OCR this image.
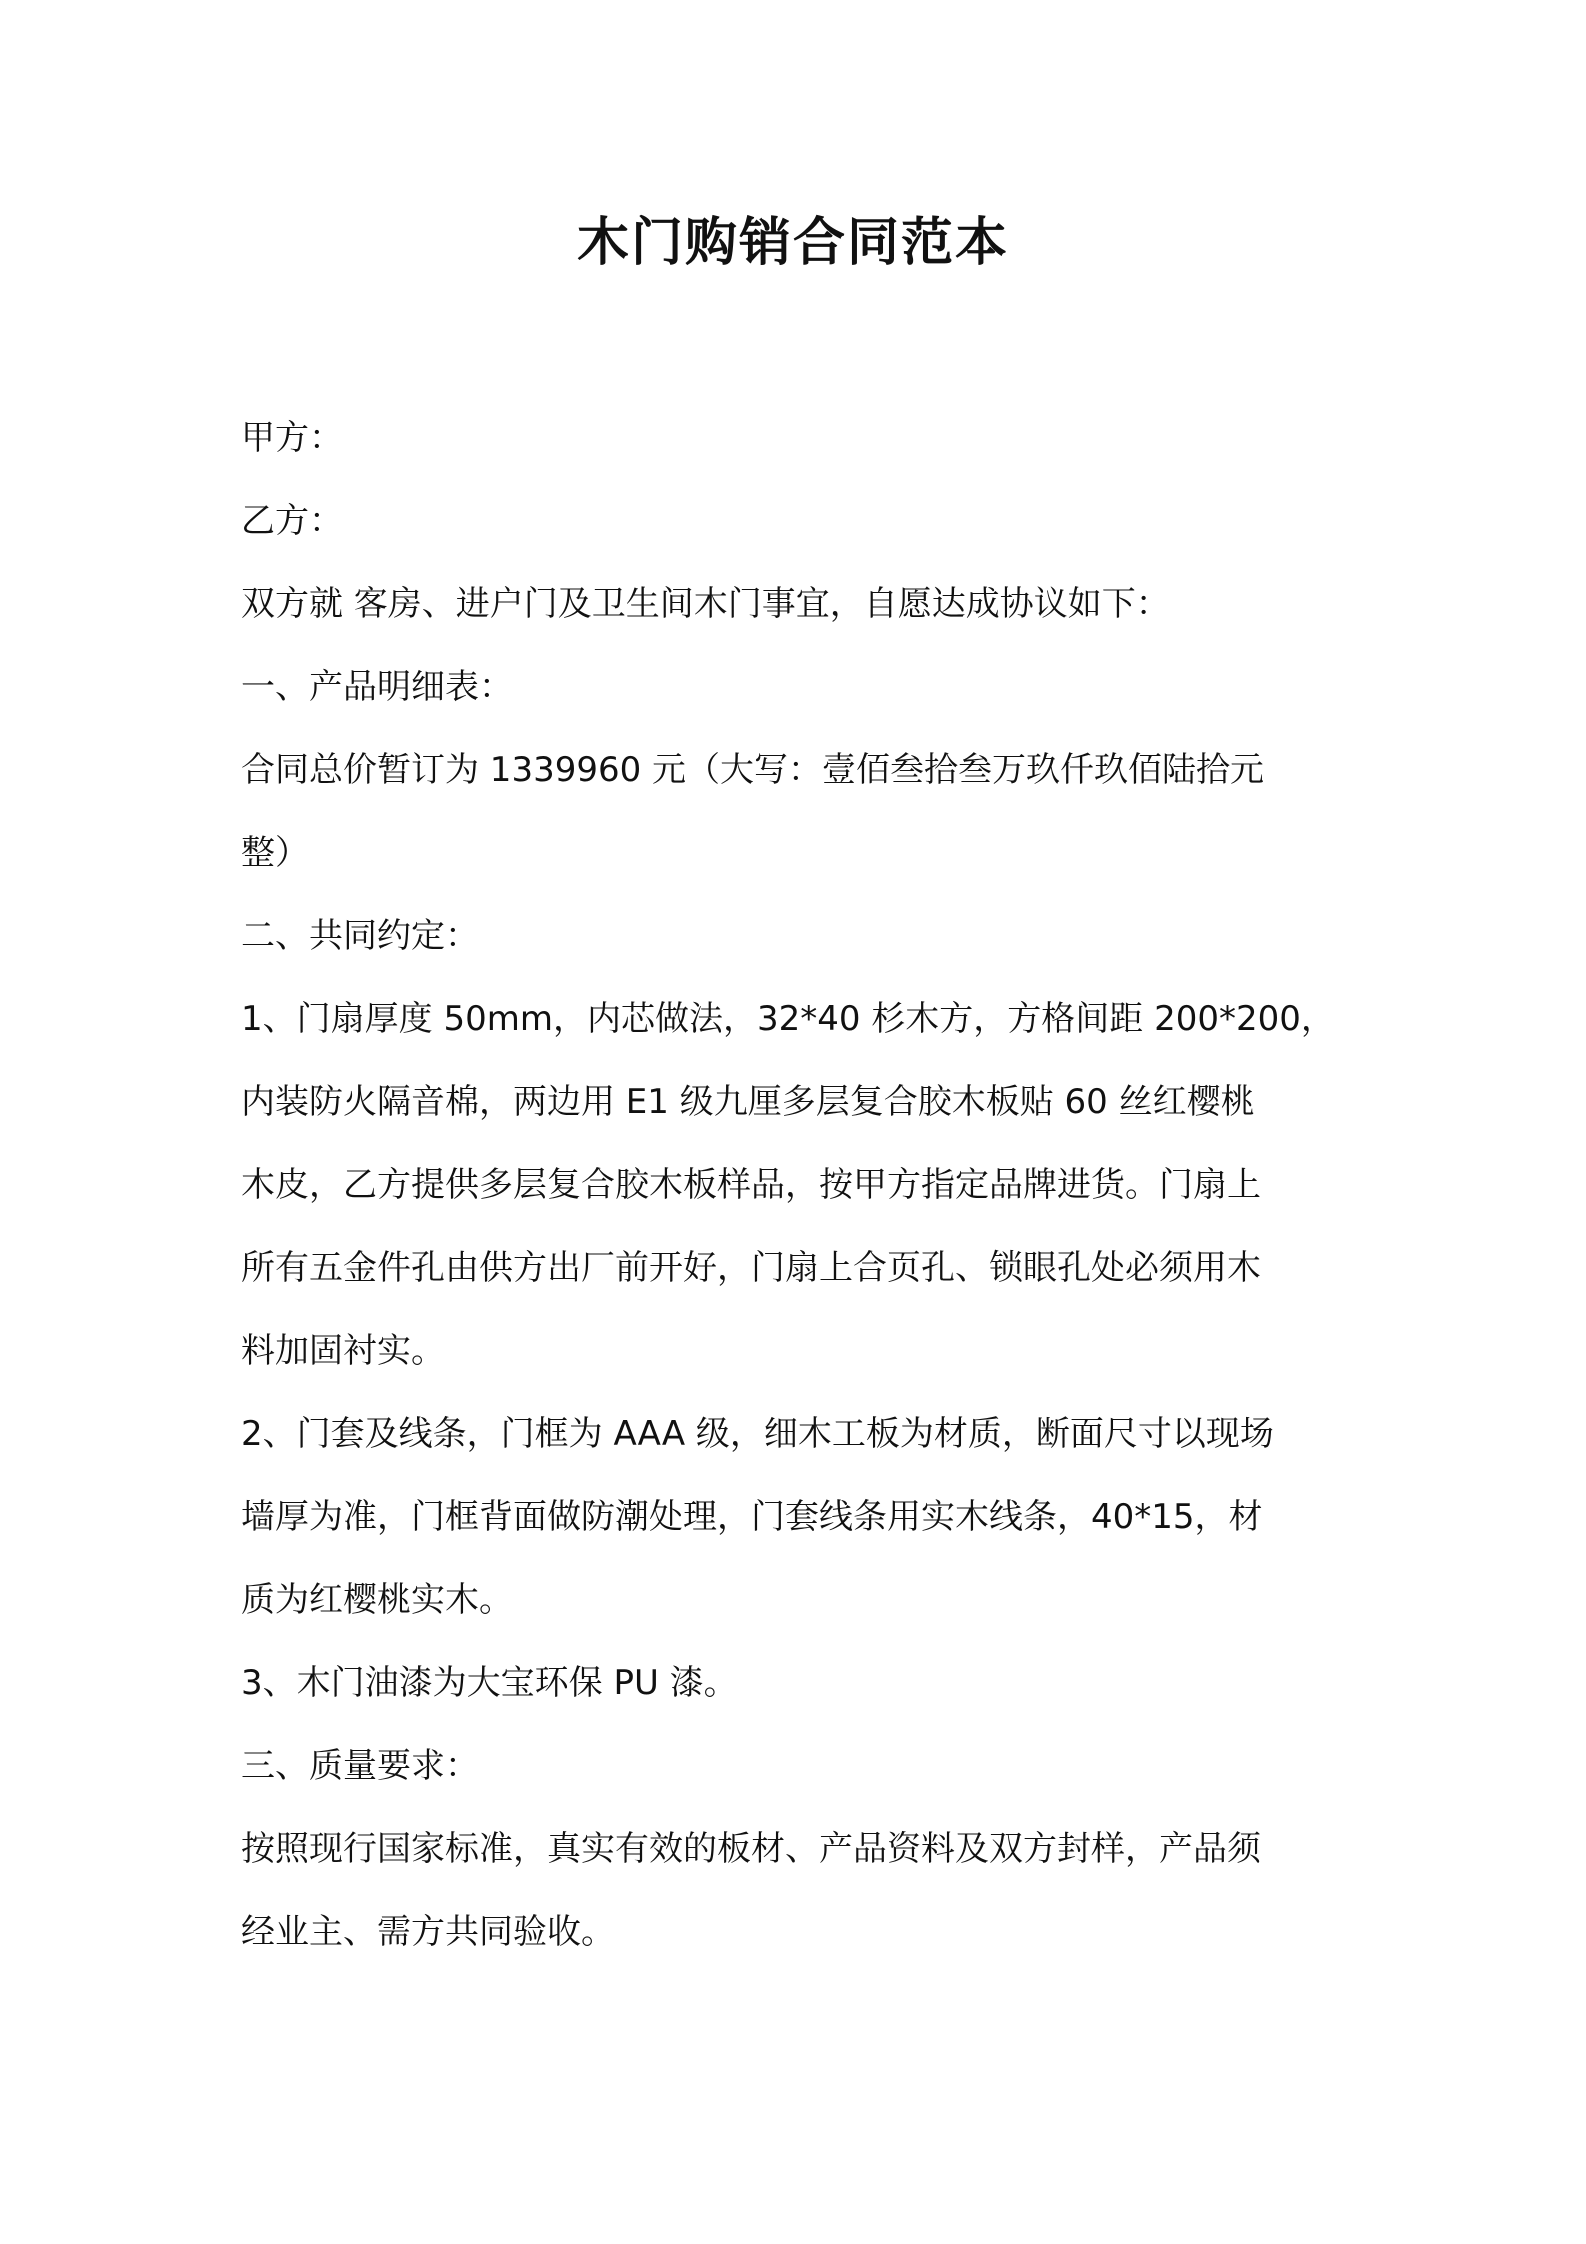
木门购销合同范本

甲方：

乙方：

双方就 客房、进户门及卫生间木门事宜，自愿达成协议如下：

一、产品明细表：

合同总价暂订为 1339960 元（大写：壹佰叁拾叁万玖仟玖佰陆拾元

整）

二、共同约定：

1、门扇厚度 50mm，内芯做法，32*40 杉木方，方格间距 200*200，

内装防火隔音棉，两边用 E1 级九厘多层复合胶木板贴 60 丝红樱桃

木皮，乙方提供多层复合胶木板样品，按甲方指定品牌进货。门扇上

所有五金件孔由供方出厂前开好，门扇上合页孔、锁眼孔处必须用木

料加固衬实。

2、门套及线条，门框为 AAA 级，细木工板为材质，断面尺寸以现场

墙厚为准，门框背面做防潮处理，门套线条用实木线条，40*15，材

质为红樱桃实木。

3、木门油漆为大宝环保 PU 漆。

三、质量要求：

按照现行国家标准，真实有效的板材、产品资料及双方封样，产品须

经业主、需方共同验收。
